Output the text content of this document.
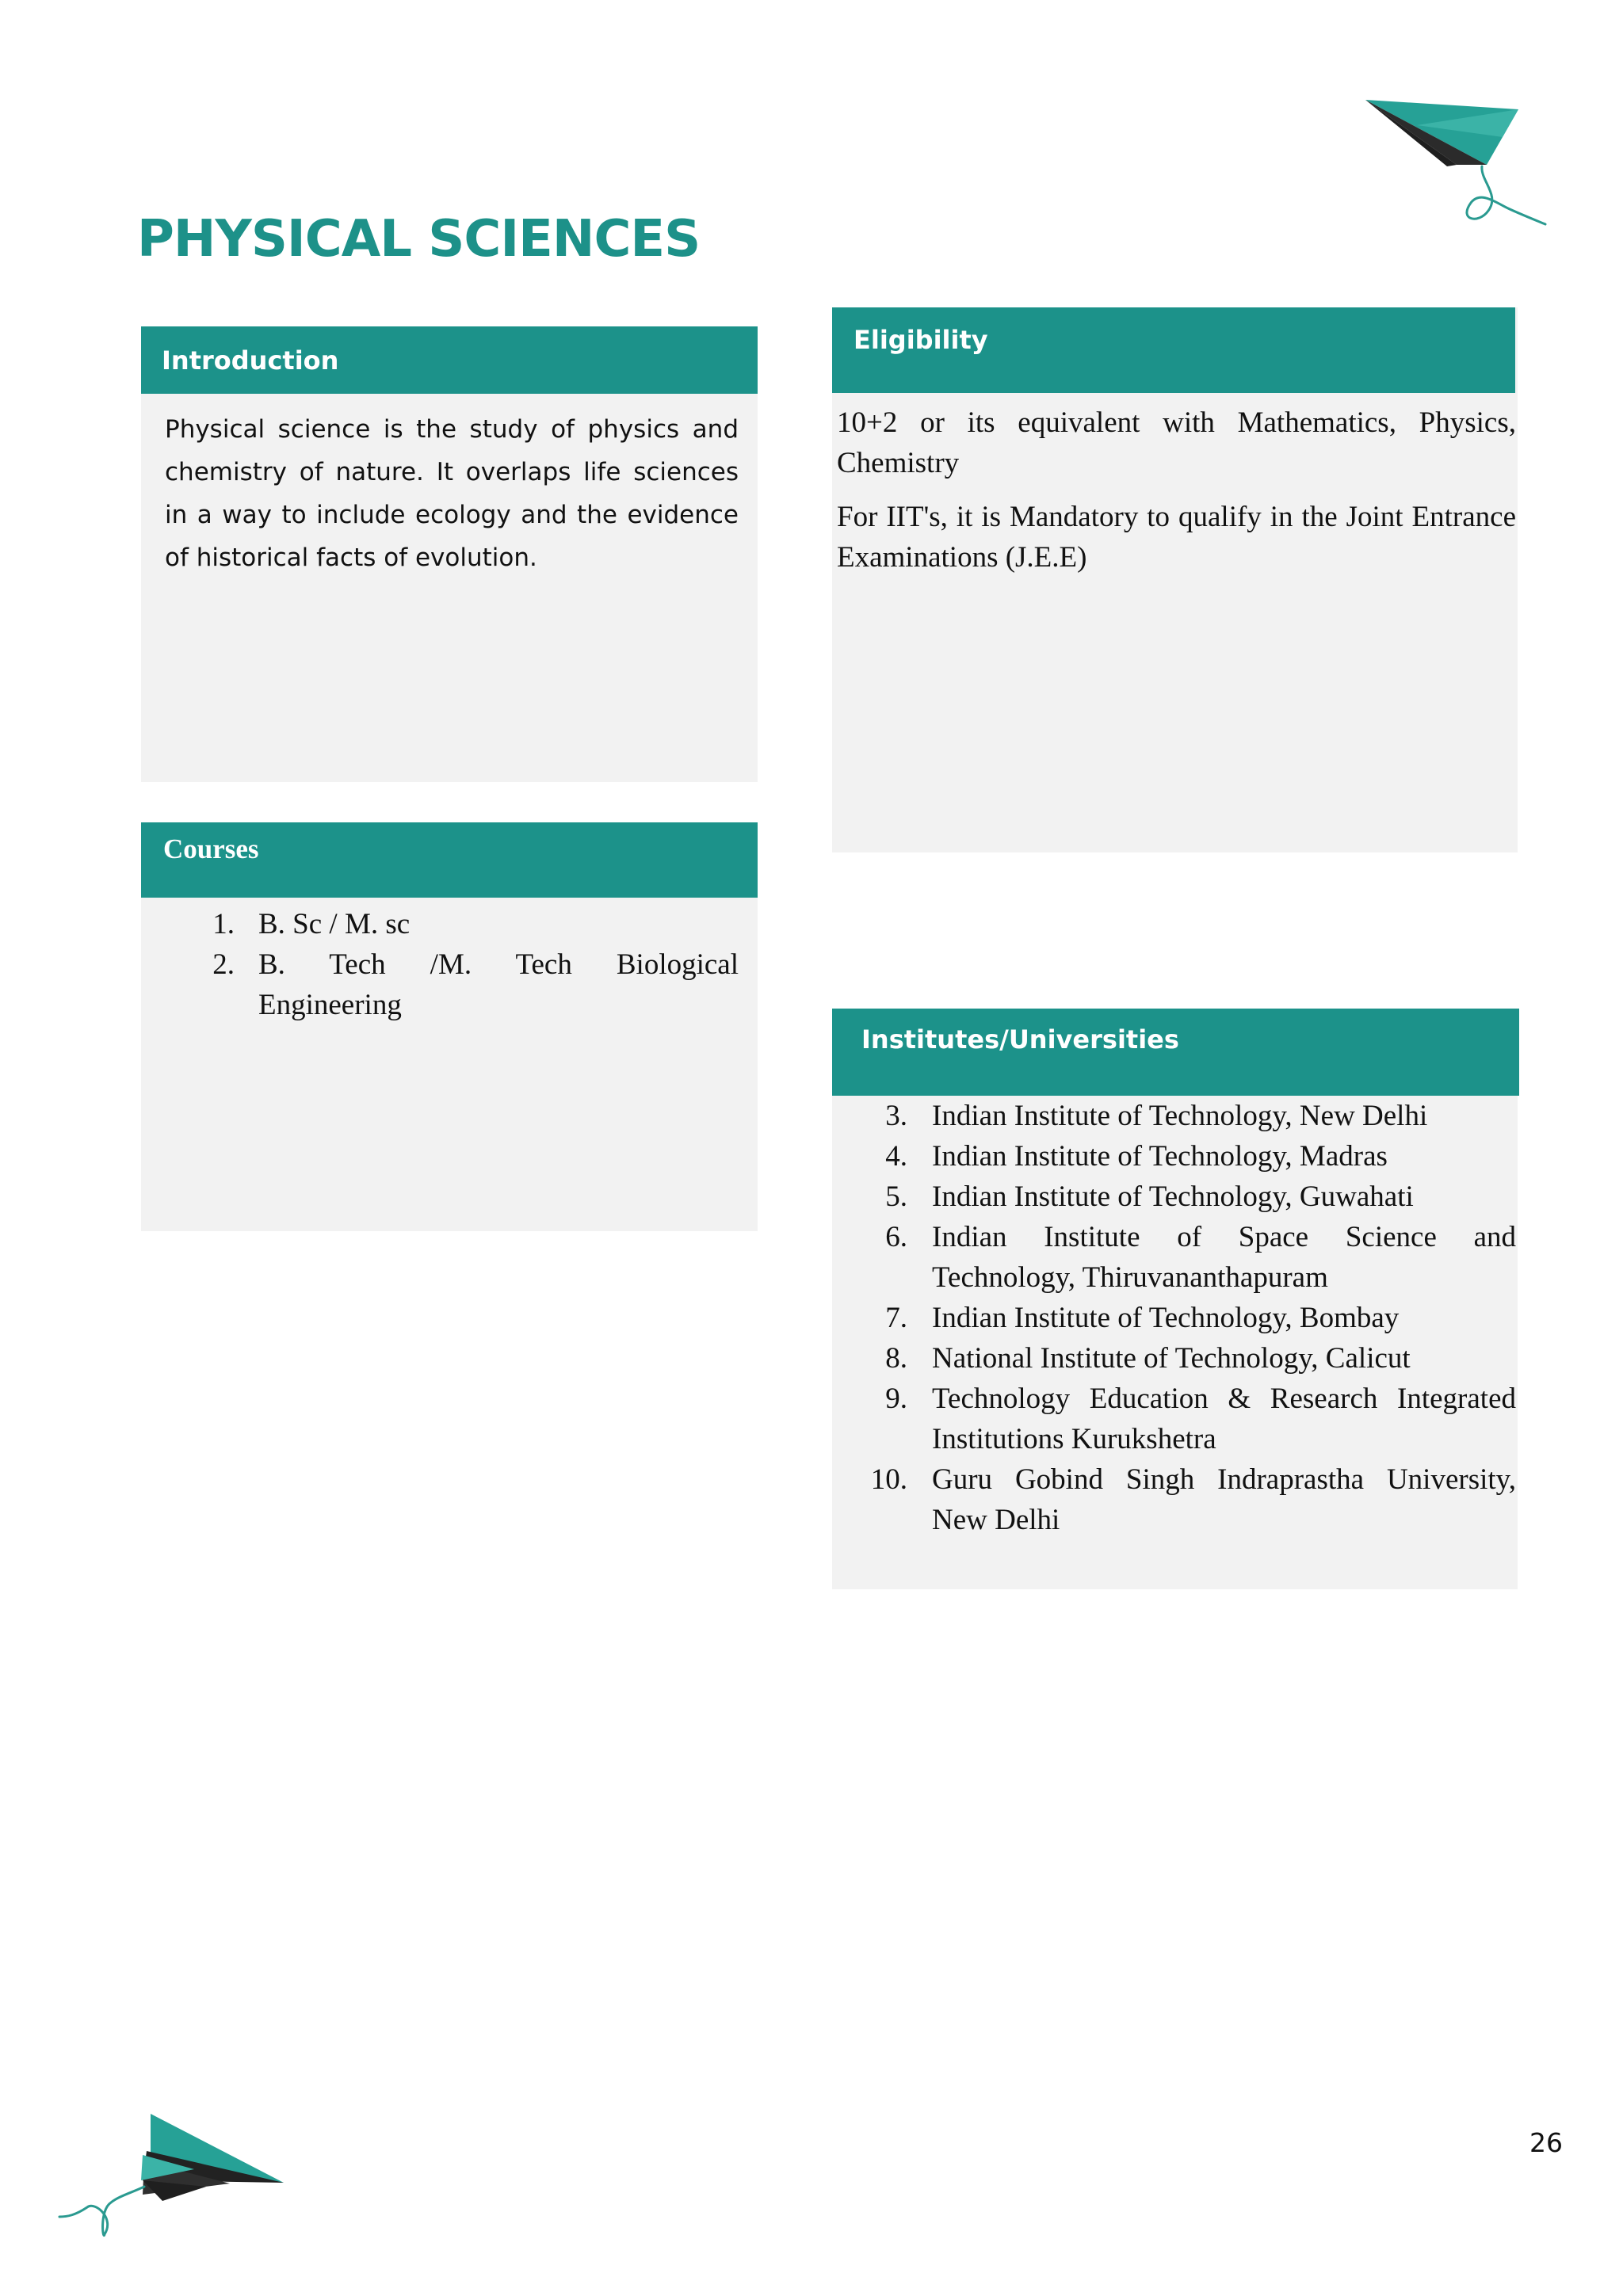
PHYSICAL SCIENCES
Introduction
Physical science is the study of physics and chemistry of nature. It overlaps life sciences in a way to include ecology and the evidence of historical facts of evolution.
Eligibility

10+2 or its equivalent with Mathematics, Physics, Chemistry

For IIT's, it is Mandatory to qualify in the Joint Entrance Examinations (J.E.E)

Courses
1. B. Sc / M. sc
2. B. Tech /M. Tech Biological Engineering
Institutes/Universities
3. Indian Institute of Technology, New Delhi
4. Indian Institute of Technology, Madras
5. Indian Institute of Technology, Guwahati
6. Indian Institute of Space Science and Technology, Thiruvananthapuram
7. Indian Institute of Technology, Bombay
8. National Institute of Technology, Calicut
9. Technology Education & Research Integrated Institutions Kurukshetra
10. Guru Gobind Singh Indraprastha University, New Delhi
26
